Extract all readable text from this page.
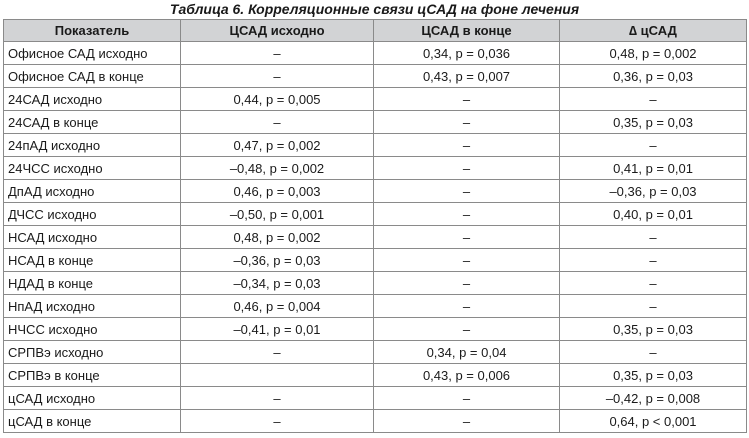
Таблица 6. Корреляционные связи цСАД на фоне лечения
Показатель	ЦСАД исходно	ЦСАД в конце	∆ цСАД
Офисное САД исходно	–	0,34, р = 0,036	0,48, р = 0,002
Офисное САД в конце	–	0,43, р = 0,007	0,36, р = 0,03
24САД исходно	0,44, р = 0,005	–	–
24САД в конце	–	–	0,35, р = 0,03
24пАД исходно	0,47, р = 0,002	–	–
24ЧСС исходно	–0,48, р = 0,002	–	0,41, р = 0,01
ДпАД исходно	0,46, р = 0,003	–	–0,36, р = 0,03
ДЧСС исходно	–0,50, р = 0,001	–	0,40, р = 0,01
НСАД исходно	0,48, р = 0,002	–	–
НСАД в конце	–0,36, р = 0,03	–	–
НДАД в конце	–0,34, р = 0,03	–	–
НпАД исходно	0,46, р = 0,004	–	–
НЧСС исходно	–0,41, р = 0,01	–	0,35, р = 0,03
СРПВэ исходно	–	0,34, р = 0,04	–
СРПВэ в конце		0,43, р = 0,006	0,35, р = 0,03
цСАД исходно	–	–	–0,42, р = 0,008
цСАД в конце	–	–	0,64, р < 0,001
